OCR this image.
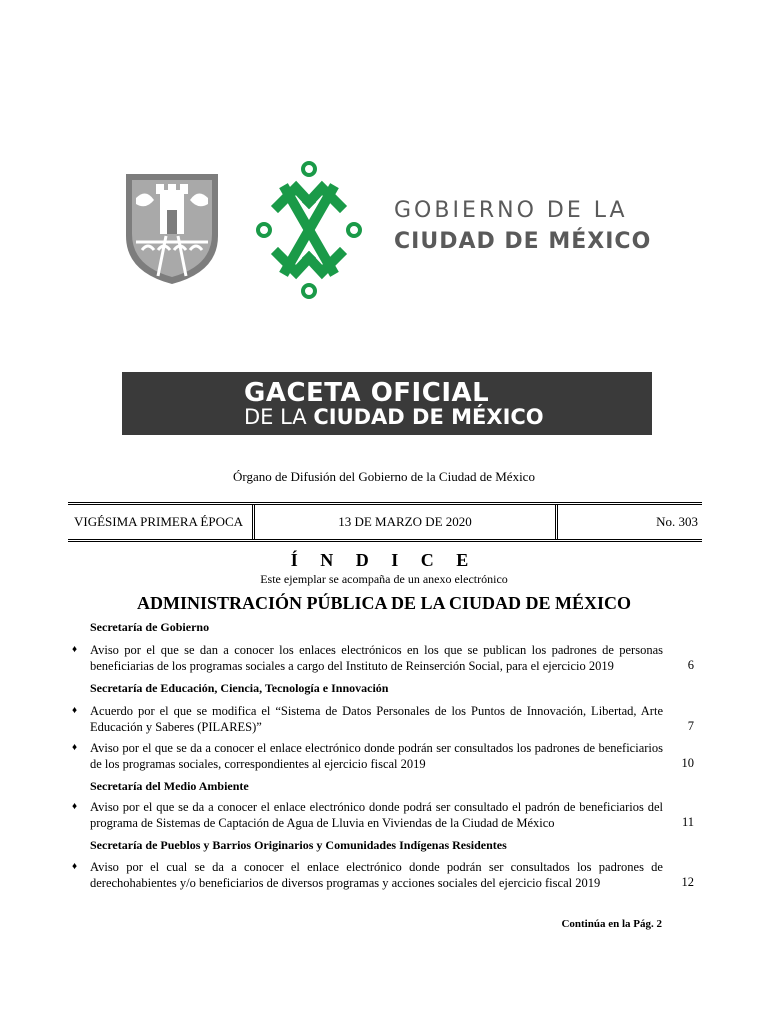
GOBIERNO DE LA
CIUDAD DE MÉXICO
GACETA OFICIAL
DE LA CIUDAD DE MÉXICO
Órgano de Difusión del Gobierno de la Ciudad de México
VIGÉSIMA PRIMERA ÉPOCA	13 DE MARZO DE 2020	No. 303
Í N D I C E
Este ejemplar se acompaña de un anexo electrónico
ADMINISTRACIÓN PÚBLICA DE LA CIUDAD DE MÉXICO
Secretaría de Gobierno
♦ Aviso por el que se dan a conocer los enlaces electrónicos en los que se publican los padrones de personas beneficiarias de los programas sociales a cargo del Instituto de Reinserción Social, para el ejercicio 2019	6
Secretaría de Educación, Ciencia, Tecnología e Innovación
♦ Acuerdo por el que se modifica el “Sistema de Datos Personales de los Puntos de Innovación, Libertad, Arte Educación y Saberes (PILARES)”	7
♦ Aviso por el que se da a conocer el enlace electrónico donde podrán ser consultados los padrones de beneficiarios de los programas sociales, correspondientes al ejercicio fiscal 2019	10
Secretaría del Medio Ambiente
♦ Aviso por el que se da a conocer el enlace electrónico donde podrá ser consultado el padrón de beneficiarios del programa de Sistemas de Captación de Agua de Lluvia en Viviendas de la Ciudad de México	11
Secretaría de Pueblos y Barrios Originarios y Comunidades Indígenas Residentes
♦ Aviso por el cual se da a conocer el enlace electrónico donde podrán ser consultados los padrones de derechohabientes y/o beneficiarios de diversos programas y acciones sociales del ejercicio fiscal 2019	12
Continúa en la Pág. 2
